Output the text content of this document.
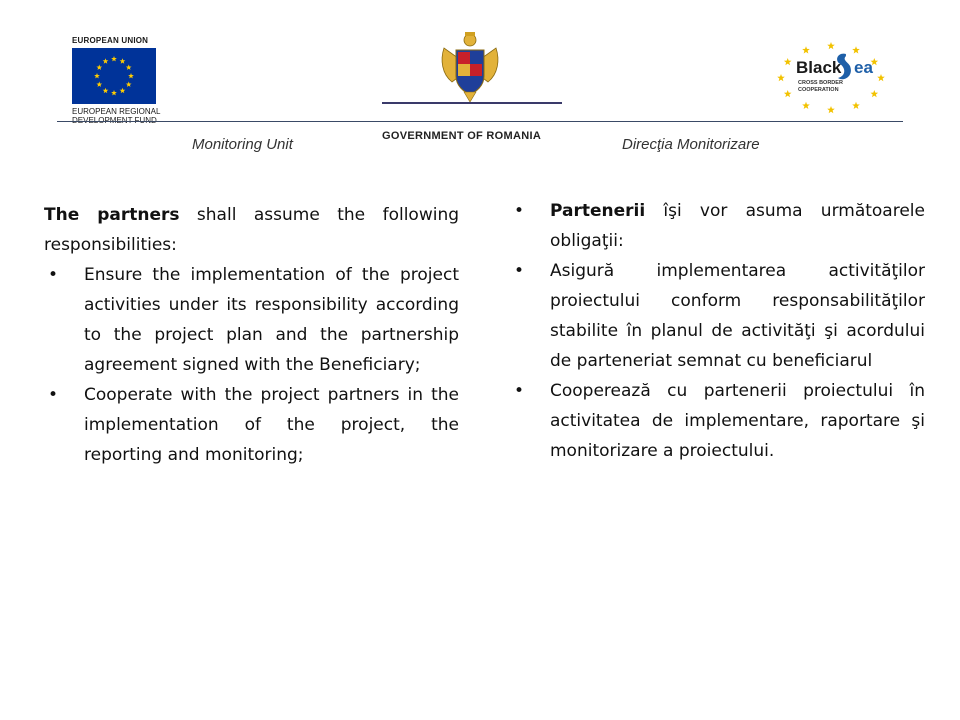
EUROPEAN UNION
EUROPEAN REGIONAL
GOVERNMENT OF ROMANIA
Black ea
CROSS BORDER
COOPERATION
Monitoring Unit	Direcţia Monitorizare

The partners shall assume the following responsibilities:

• Ensure the implementation of the project activities under its responsibility according to the project plan and the partnership agreement signed with the Beneficiary;
• Cooperate with the project partners in the implementation of the project, the reporting and monitoring;
• Partenerii îşi vor asuma următoarele obligaţii:
• Asigură implementarea activităţilor proiectului conform responsabilităţilor stabilite în planul de activităţi şi acordului de parteneriat semnat cu beneficiarul
• Cooperează cu partenerii proiectului în activitatea de implementare, raportare şi monitorizare a proiectului.
